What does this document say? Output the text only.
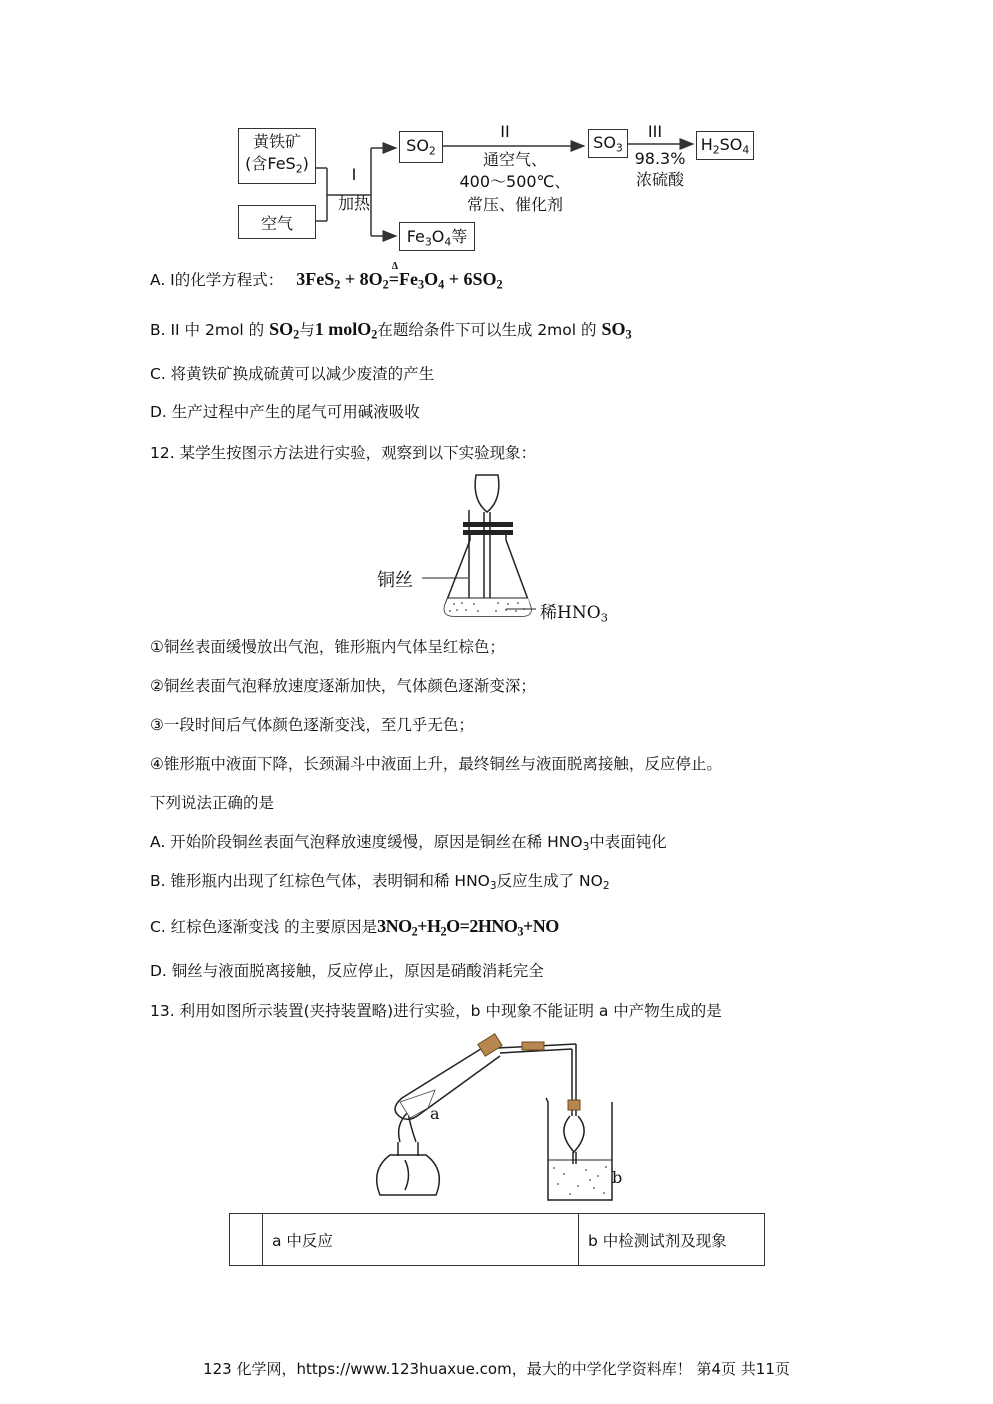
黄铁矿
(含FeS$_2$)
空气
I
加热
$SO_2$
$Fe_3O_4$等
II
通空气、
400～500℃、
常压、催化剂
$SO_3$
III
98.3%
浓硫酸
$H_2SO_4$
A. I的化学方程式： $3FeS_2 + 8O_2$
Δ
$=Fe_3O_4 + 6SO_2$
B. II 中 2mol 的 $SO_2$与1 molO$_2$在题给条件下可以生成 2mol 的 $SO_3$
C. 将黄铁矿换成硫黄可以减少废渣的产生
D. 生产过程中产生的尾气可用碱液吸收
12. 某学生按图示方法进行实验，观察到以下实验现象：
铜丝
稀$HNO_3$
①铜丝表面缓慢放出气泡，锥形瓶内气体呈红棕色；
②铜丝表面气泡释放速度逐渐加快，气体颜色逐渐变深；
③一段时间后气体颜色逐渐变浅，至几乎无色；
④锥形瓶中液面下降，长颈漏斗中液面上升，最终铜丝与液面脱离接触，反应停止。
下列说法正确的是
A. 开始阶段铜丝表面气泡释放速度缓慢，原因是铜丝在稀 $HNO_3$中表面钝化
B. 锥形瓶内出现了红棕色气体，表明铜和稀 $HNO_3$反应生成了 $NO_2$
C. 红棕色逐渐变浅 的主要原因是$3NO_2+H_2O=2HNO_3+NO$
D. 铜丝与液面脱离接触，反应停止，原因是硝酸消耗完全
13. 利用如图所示装置(夹持装置略)进行实验，b 中现象不能证明 a 中产物生成的是
a
b
	a 中反应	b 中检测试剂及现象
123 化学网，https://www.123huaxue.com，最大的中学化学资料库！ 第4页 共11页
